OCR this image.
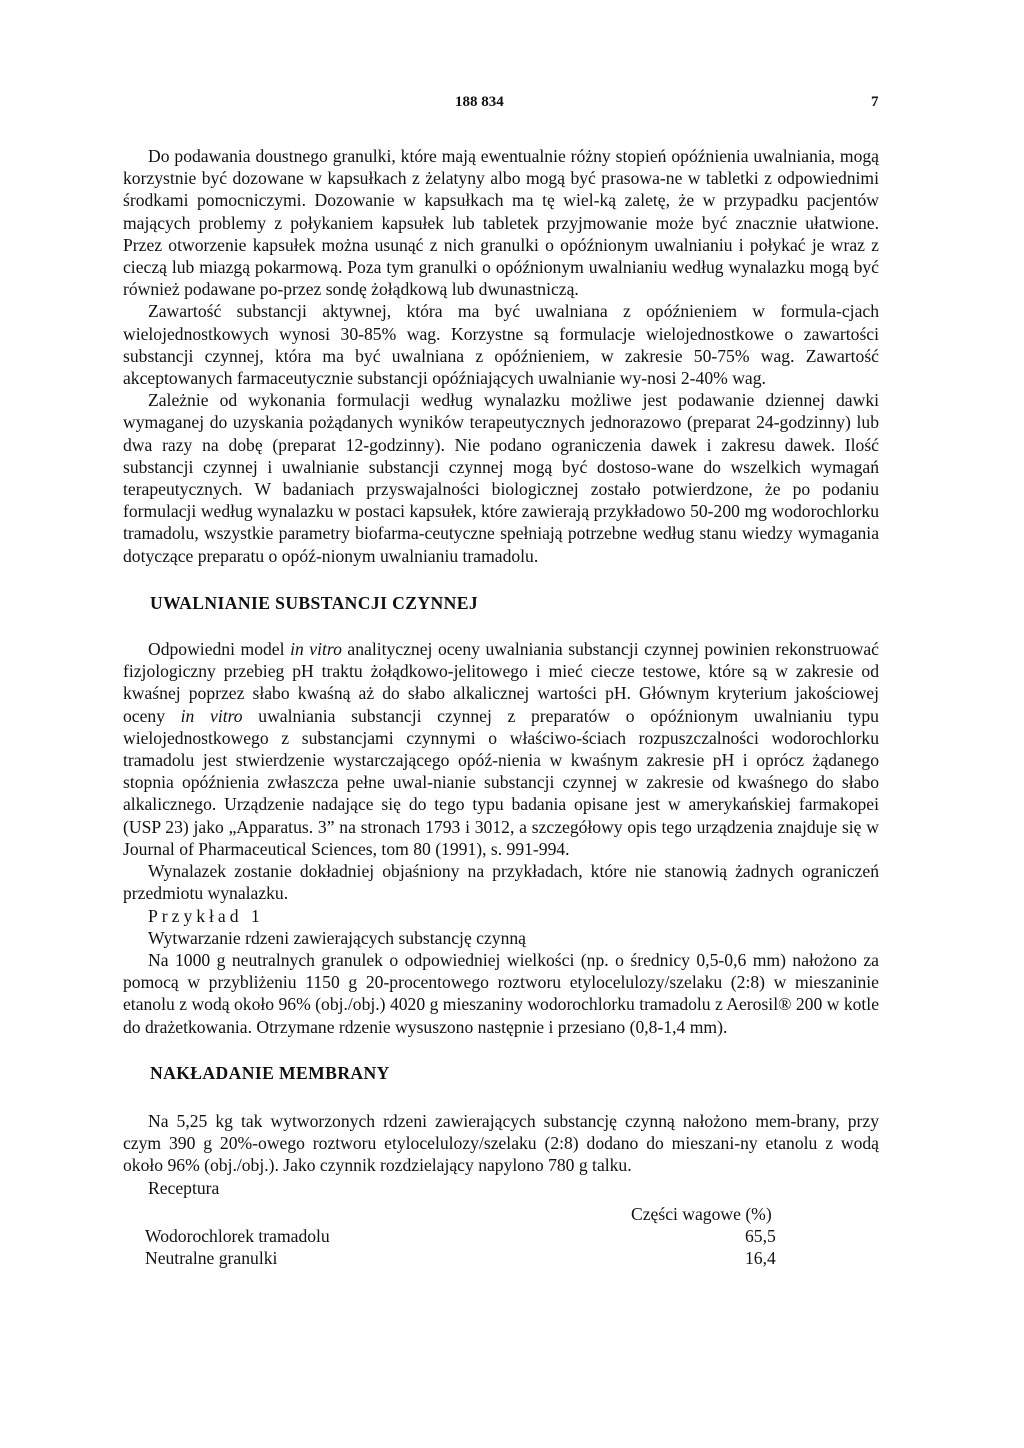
188 834	7

Do podawania doustnego granulki, które mają ewentualnie różny stopień opóźnienia uwalniania, mogą korzystnie być dozowane w kapsułkach z żelatyny albo mogą być prasowa-ne w tabletki z odpowiednimi środkami pomocniczymi. Dozowanie w kapsułkach ma tę wiel-ką zaletę, że w przypadku pacjentów mających problemy z połykaniem kapsułek lub tabletek przyjmowanie może być znacznie ułatwione. Przez otworzenie kapsułek można usunąć z nich granulki o opóźnionym uwalnianiu i połykać je wraz z cieczą lub miazgą pokarmową. Poza tym granulki o opóźnionym uwalnianiu według wynalazku mogą być również podawane po-przez sondę żołądkową lub dwunastniczą.

Zawartość substancji aktywnej, która ma być uwalniana z opóźnieniem w formula-cjach wielojednostkowych wynosi 30-85% wag. Korzystne są formulacje wielojednostkowe o zawartości substancji czynnej, która ma być uwalniana z opóźnieniem, w zakresie 50-75% wag. Zawartość akceptowanych farmaceutycznie substancji opóźniających uwalnianie wy-nosi 2-40% wag.

Zależnie od wykonania formulacji według wynalazku możliwe jest podawanie dziennej dawki wymaganej do uzyskania pożądanych wyników terapeutycznych jednorazowo (preparat 24-godzinny) lub dwa razy na dobę (preparat 12-godzinny). Nie podano ograniczenia dawek i zakresu dawek. Ilość substancji czynnej i uwalnianie substancji czynnej mogą być dostoso-wane do wszelkich wymagań terapeutycznych. W badaniach przyswajalności biologicznej zostało potwierdzone, że po podaniu formulacji według wynalazku w postaci kapsułek, które zawierają przykładowo 50-200 mg wodorochlorku tramadolu, wszystkie parametry biofarma-ceutyczne spełniają potrzebne według stanu wiedzy wymagania dotyczące preparatu o opóź-nionym uwalnianiu tramadolu.

UWALNIANIE SUBSTANCJI CZYNNEJ

Odpowiedni model in vitro analitycznej oceny uwalniania substancji czynnej powinien rekonstruować fizjologiczny przebieg pH traktu żołądkowo-jelitowego i mieć ciecze testowe, które są w zakresie od kwaśnej poprzez słabo kwaśną aż do słabo alkalicznej wartości pH. Głównym kryterium jakościowej oceny in vitro uwalniania substancji czynnej z preparatów o opóźnionym uwalnianiu typu wielojednostkowego z substancjami czynnymi o właściwo-ściach rozpuszczalności wodorochlorku tramadolu jest stwierdzenie wystarczającego opóź-nienia w kwaśnym zakresie pH i oprócz żądanego stopnia opóźnienia zwłaszcza pełne uwal-nianie substancji czynnej w zakresie od kwaśnego do słabo alkalicznego. Urządzenie nadające się do tego typu badania opisane jest w amerykańskiej farmakopei (USP 23) jako „Apparatus. 3” na stronach 1793 i 3012, a szczegółowy opis tego urządzenia znajduje się w Journal of Pharmaceutical Sciences, tom 80 (1991), s. 991-994.

Wynalazek zostanie dokładniej objaśniony na przykładach, które nie stanowią żadnych ograniczeń przedmiotu wynalazku.

Przykład 1

Wytwarzanie rdzeni zawierających substancję czynną

Na 1000 g neutralnych granulek o odpowiedniej wielkości (np. o średnicy 0,5-0,6 mm) nałożono za pomocą w przybliżeniu 1150 g 20-procentowego roztworu etylocelulozy/szelaku (2:8) w mieszaninie etanolu z wodą około 96% (obj./obj.) 4020 g mieszaniny wodorochlorku tramadolu z Aerosil® 200 w kotle do drażetkowania. Otrzymane rdzenie wysuszono następnie i przesiano (0,8-1,4 mm).

NAKŁADANIE MEMBRANY

Na 5,25 kg tak wytworzonych rdzeni zawierających substancję czynną nałożono mem-brany, przy czym 390 g 20%-owego roztworu etylocelulozy/szelaku (2:8) dodano do mieszani-ny etanolu z wodą około 96% (obj./obj.). Jako czynnik rozdzielający napylono 780 g talku.

Receptura

Części wagowe (%)
Wodorochlorek tramadolu	65,5
Neutralne granulki	16,4
